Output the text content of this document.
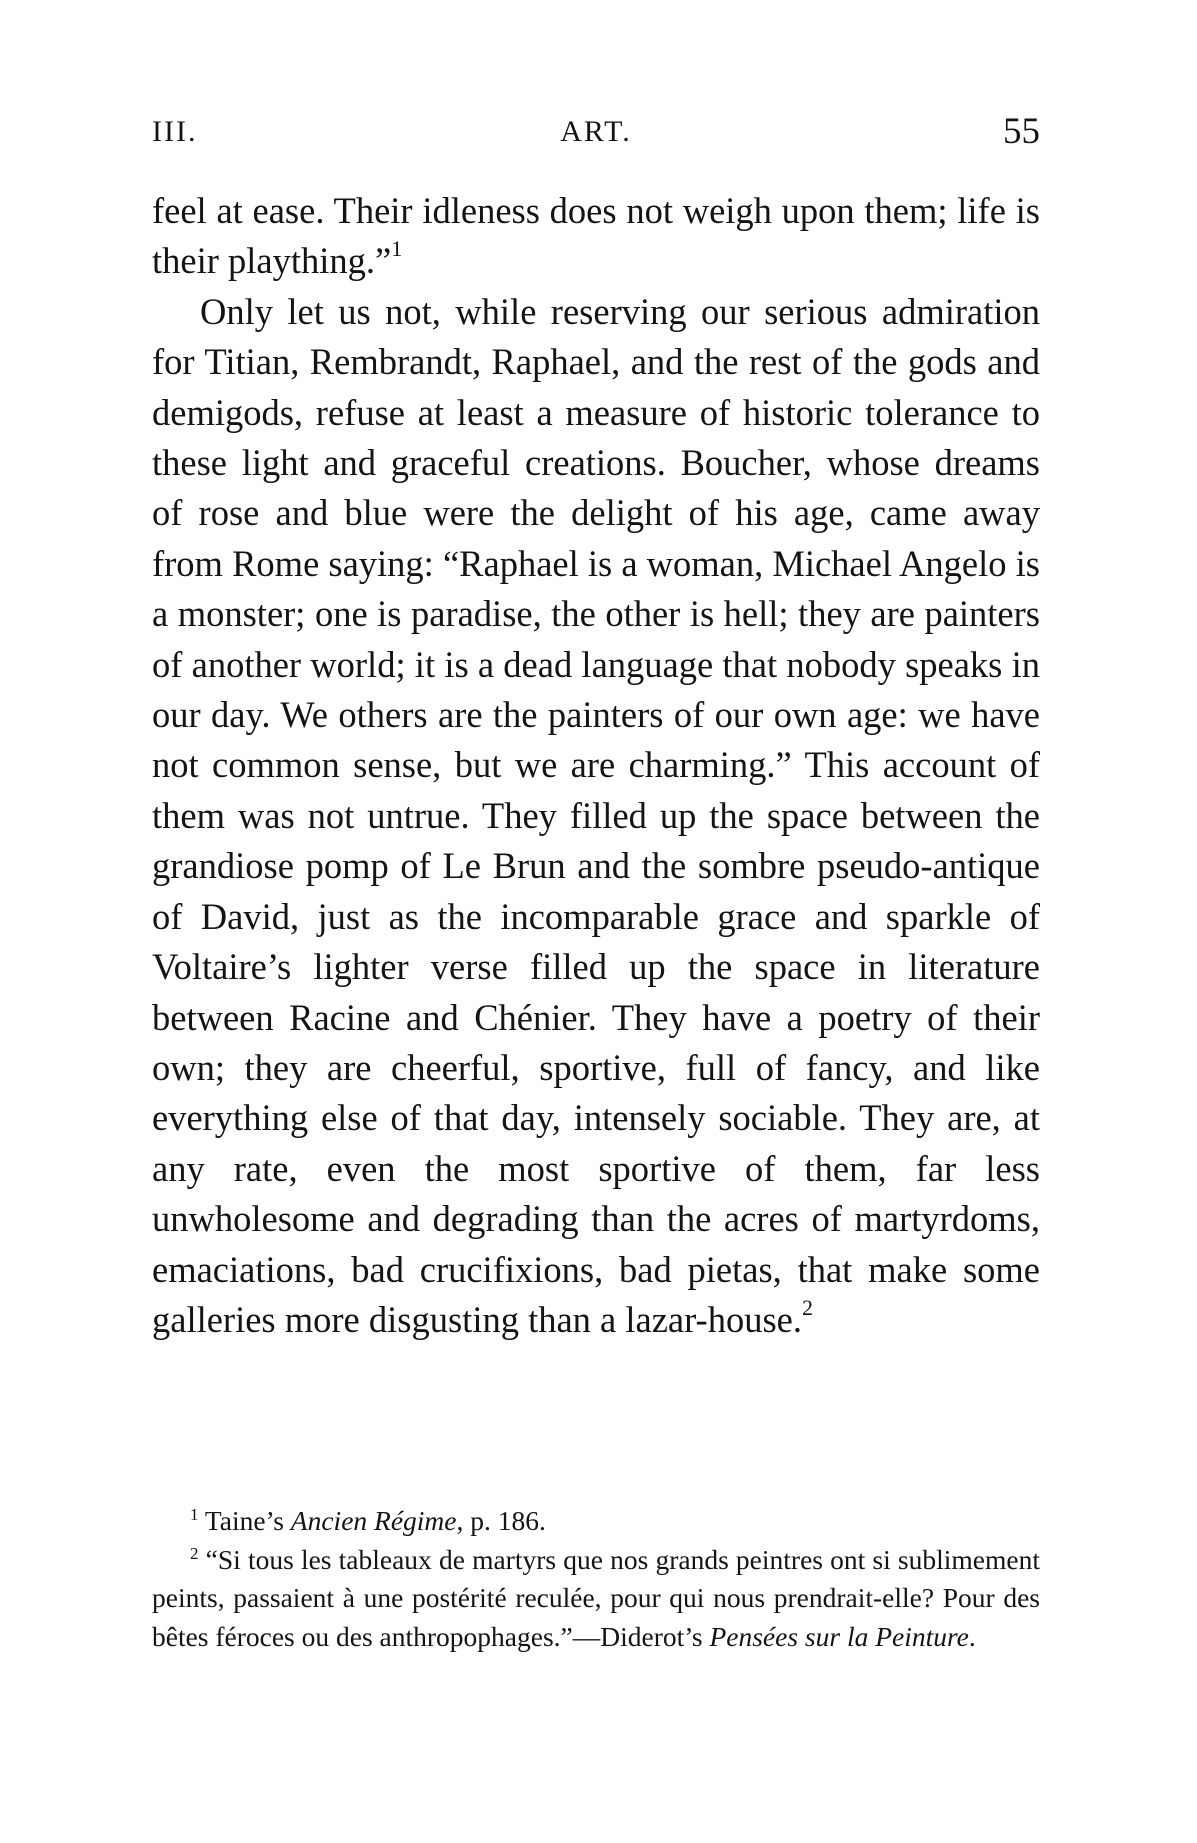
III.	ART.	55

feel at ease. Their idleness does not weigh upon them; life is their plaything.”$^1$

Only let us not, while reserving our serious admiration for Titian, Rembrandt, Raphael, and the rest of the gods and demigods, refuse at least a measure of historic tolerance to these light and graceful creations. Boucher, whose dreams of rose and blue were the delight of his age, came away from Rome saying: “Raphael is a woman, Michael Angelo is a monster; one is paradise, the other is hell; they are painters of another world; it is a dead language that nobody speaks in our day. We others are the painters of our own age: we have not common sense, but we are charming.” This account of them was not untrue. They filled up the space between the grandiose pomp of Le Brun and the sombre pseudo-antique of David, just as the incomparable grace and sparkle of Voltaire’s lighter verse filled up the space in literature between Racine and Chénier. They have a poetry of their own; they are cheerful, sportive, full of fancy, and like everything else of that day, intensely sociable. They are, at any rate, even the most sportive of them, far less unwholesome and degrading than the acres of martyrdoms, emaciations, bad crucifixions, bad pietas, that make some galleries more disgusting than a lazar-house.$^2$

$^1$ Taine’s Ancien Régime, p. 186.

$^2$ “Si tous les tableaux de martyrs que nos grands peintres ont si sublimement peints, passaient à une postérité reculée, pour qui nous prendrait-elle? Pour des bêtes féroces ou des anthropophages.”—Diderot’s Pensées sur la Peinture.
